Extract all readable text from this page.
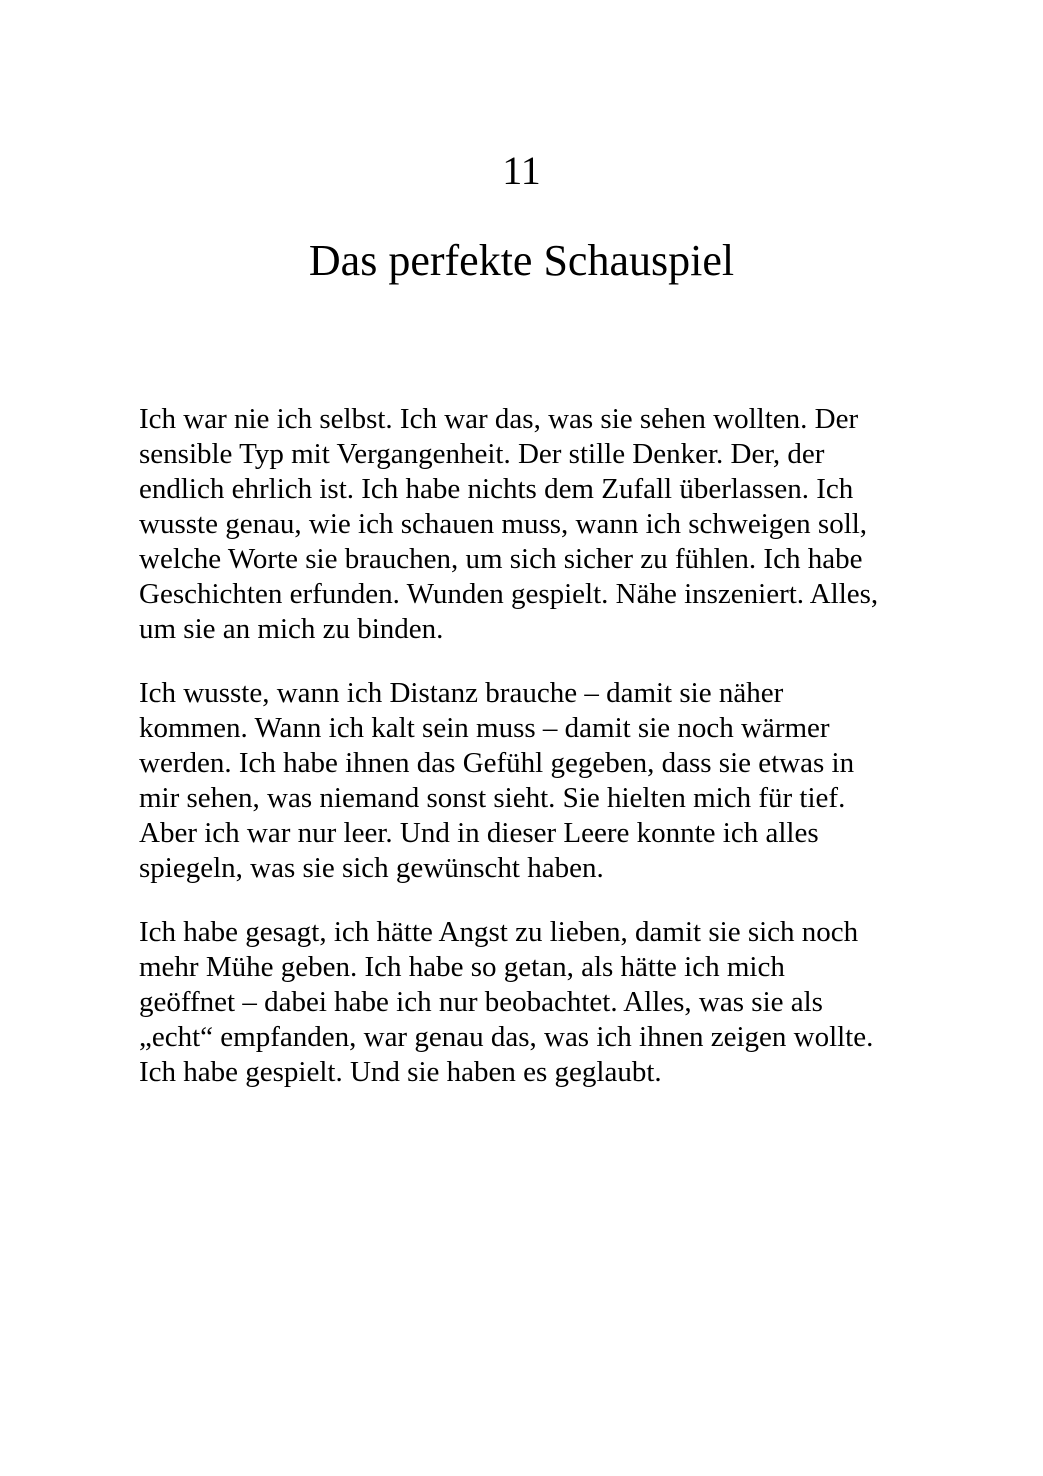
11
Das perfekte Schauspiel

Ich war nie ich selbst. Ich war das, was sie sehen wollten. Der
sensible Typ mit Vergangenheit. Der stille Denker. Der, der
endlich ehrlich ist. Ich habe nichts dem Zufall überlassen. Ich
wusste genau, wie ich schauen muss, wann ich schweigen soll,
welche Worte sie brauchen, um sich sicher zu fühlen. Ich habe
Geschichten erfunden. Wunden gespielt. Nähe inszeniert. Alles,
um sie an mich zu binden.

Ich wusste, wann ich Distanz brauche – damit sie näher
kommen. Wann ich kalt sein muss – damit sie noch wärmer
werden. Ich habe ihnen das Gefühl gegeben, dass sie etwas in
mir sehen, was niemand sonst sieht. Sie hielten mich für tief.
Aber ich war nur leer. Und in dieser Leere konnte ich alles
spiegeln, was sie sich gewünscht haben.

Ich habe gesagt, ich hätte Angst zu lieben, damit sie sich noch
mehr Mühe geben. Ich habe so getan, als hätte ich mich
geöffnet – dabei habe ich nur beobachtet. Alles, was sie als
„echt“ empfanden, war genau das, was ich ihnen zeigen wollte.
Ich habe gespielt. Und sie haben es geglaubt.
